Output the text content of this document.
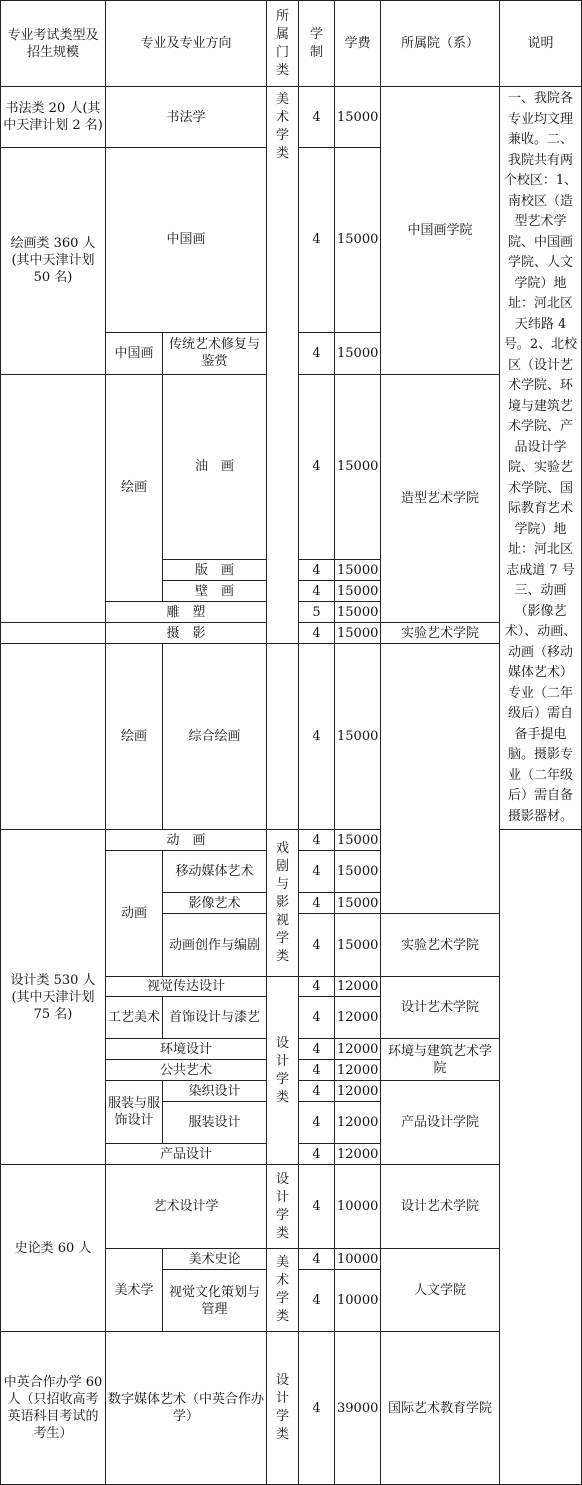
专业考试类型及招生规模	专业及专业方向		所属门类	学制	学费	所属院（系）	说明
书法类 20 人(其中天津计划 2 名)	书法学		美术学类	4	15000	中国画学院	一、我院各专业均文理兼收。二、我院共有两个校区：1、南校区（造型艺术学院、中国画学院、人文学院）地址：河北区天纬路 4 号。2、北校区（设计艺术学院、环境与建筑艺术学院、产品设计学院、实验艺术学院、国际教育艺术学院）地址：河北区志成道 7 号三、动画（影像艺术）、动画、动画（移动媒体艺术）专业（二年级后）需自备手提电脑。摄影专业（二年级后）需自备摄影器材。

绘画类 360 人(其中天津计划 50 名)	中国画			4	15000		
	中国画	传统艺术修复与鉴赏		4	15000		
	绘画	油　画		4	15000	造型艺术学院	
		版　画		4	15000		
		壁　画		4	15000		
	雕　塑			5	15000		
	摄　影			4	15000	实验艺术学院	
	绘画	综合绘画		4	15000		
设计类 530 人(其中天津计划 75 名)	动　画		戏剧与影视学类	4	15000		
	动画	移动媒体艺术		4	15000		
		影像艺术		4	15000		
		动画创作与编剧		4	15000	实验艺术学院	
	视觉传达设计		设计学类	4	12000	设计艺术学院	
	工艺美术	首饰设计与漆艺		4	12000		
	环境设计			4	12000	环境与建筑艺术学院	
	公共艺术			4	12000		
	服装与服饰设计	染织设计		4	12000	产品设计学院	
		服装设计		4	12000		
	产品设计			4	12000		
史论类 60 人	艺术设计学		设计学类	4	10000	设计艺术学院	
	美术学	美术史论	美术学类	4	10000	人文学院	
		视觉文化策划与管理		4	10000		
中英合作办学 60 人（只招收高考英语科目考试的考生）	数字媒体艺术（中英合作办学）		设计学类	4	39000	国际艺术教育学院	
